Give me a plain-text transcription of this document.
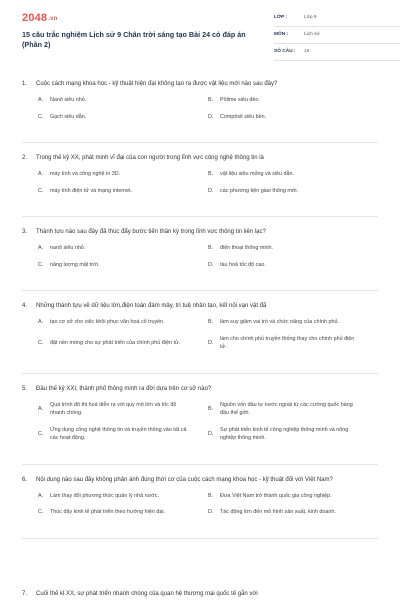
2048.vn
15 câu trắc nghiệm Lịch sử 9 Chân trời sáng tạo Bài 24 có đáp án (Phần 2)
LỚP :	Lớp 9
MÔN :	Lịch sử
SỐ CÂU : 15
1.	Cuộc cách mạng khoa học - kỹ thuật hiện đại không tạo ra được vật liệu mới nào sau đây?
A.	Nanô siêu nhỏ.	B.	Pôlime siêu dẻo.
C.	Gạch siêu dẫn.	D.	Compôsit siêu bền.
2.	Trong thế kỷ XX, phát minh vĩ đại của con người trong lĩnh vực công nghệ thông tin là
A.	máy tính và công nghệ in 3D.	B.	vật liệu siêu mỏng và siêu dẫn.
C.	máy tính điện tử và mạng internet.	D.	các phương tiện giao thông mới.
3.	Thành tựu nào sau đây đã thúc đẩy bước tiến thần kỳ trong lĩnh vực thông tin liên lạc?
A.	nanô siêu nhỏ.	B.	điện thoại thông minh.
C.	năng lượng mặt trời.	D.	tàu hoả tốc độ cao.
4.	Những thành tựu về dữ liệu lớn,điện toán đám mây, trí tuệ nhân tạo, kết nối vạn vật đã
A.	tạo cơ sở cho việc khôi phục văn hoá cổ truyền.	B.	làm suy giảm vai trò và chức năng của chính phủ.
C.	đặt nền móng cho sự phát triển của chính phủ điện tử.	D.
làm cho chính phủ truyền thống thay cho chính phủ điện tử.
5.	Đầu thế kỷ XXI, thành phố thông minh ra đời dựa trên cơ sở nào?
A.
Quá trình đô thị hoá diễn ra với quy mô lớn và tốc độ nhanh chóng.
B.
Nguồn vốn đầu tư nước ngoài từ các cường quốc hàng đầu thế giới.
C.
Ứng dụng công nghệ thông tin và truyền thông vào tất cả các hoạt động.
D.
Sự phát triển kinh tế công nghiệp thông minh và nông nghiệp thông minh.
6.	Nội dung nào sau đây không phản ánh đúng thời cơ của cuộc cách mạng khoa học - kỹ thuật đối với Việt Nam?
A.	Làm thay đổi phương thức quản lý nhà nước.	B.	Đưa Việt Nam trở thành quốc gia công nghiệp.
C.	Thúc đẩy kinh tế phát triển theo hướng hiện đại.	D.	Tác động lớn đến mô hình sản xuất, kinh doanh.
7.	Cuối thế kỉ XX, sự phát triển nhanh chóng của quan hệ thương mại quốc tế gắn với
